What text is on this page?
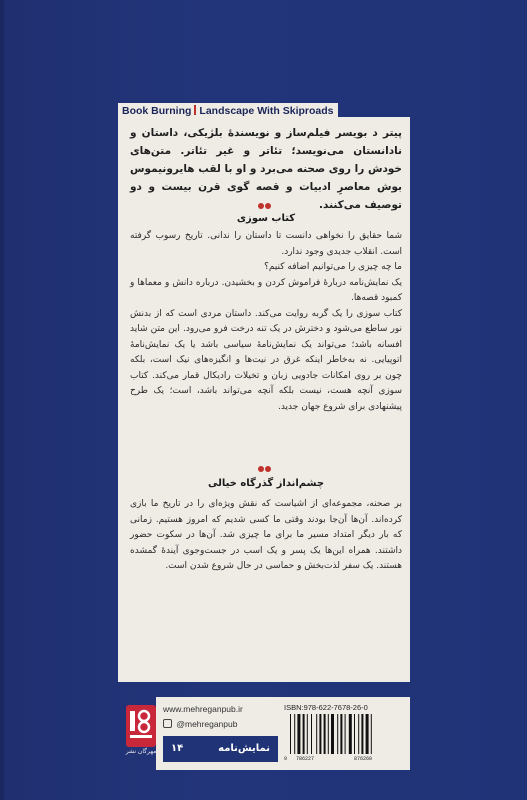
Book Burning Landscape With Skiproads
پیتر د بویسر فیلم‌ساز و نویسندهٔ بلژیکی، داستان و نادانستان می‌نویسد؛ تئاتر و غیر تئاتر. متن‌های خودش را روی صحنه می‌برد و او با لقب هایرونیموس بوش معاصرِ ادبیات و قصه‌ گوی قرن بیست و دو توصیف می‌کنند.
کتاب سوزی

شما حقایق را نخواهی دانست تا داستان را ندانی. تاریخ رسوب گرفته است. انقلاب جدیدی وجود ندارد.

ما چه چیزی را می‌توانیم اضافه کنیم؟

یک نمایش‌نامه دربارهٔ فراموش کردن و بخشیدن. درباره دانش و معماها و کمبود قصه‌ها.

کتاب سوزی را یک گربه روایت می‌کند. داستان مردی است که از بدنش نور ساطع می‌شود و دخترش در یک تنه درخت فرو می‌رود. این متن شاید افسانه باشد؛ می‌تواند یک نمایش‌نامهٔ سیاسی باشد یا یک نمایش‌نامهٔ اتوپیایی. نه به‌خاطر اینکه غرق در نیت‌ها و انگیزه‌های نیک است، بلکه چون بر روی امکانات جادویی زبان و تخیلات رادیکال قمار می‌کند. کتاب سوزی آنچه هست، نیست بلکه آنچه می‌تواند باشد، است؛ یک طرح پیشنهادی برای شروع جهان جدید.

چشم‌انداز گذرگاه خیالی

بر صحنه، مجموعه‌ای از اشیاست که نقش ویژه‌ای را در تاریخ ما بازی کرده‌اند. آن‌ها آن‌جا بودند وقتی ما کسی شدیم که امروز هستیم. زمانی که بار دیگر امتداد مسیر ما برای ما چیزی شد. آن‌ها در سکوت حضور داشتند. همراه این‌ها یک پسر و یک اسب در جست‌وجوی آیندهٔ گمشده هستند. یک سفر لذت‌بخش و حماسی در حال شروع شدن است.

مهرگان نشر
www.mehreganpub.ir
@mehreganpub
۱۴	نمایش‌نامه
ISBN:978-622-7678-26-0
9 786227	876260
